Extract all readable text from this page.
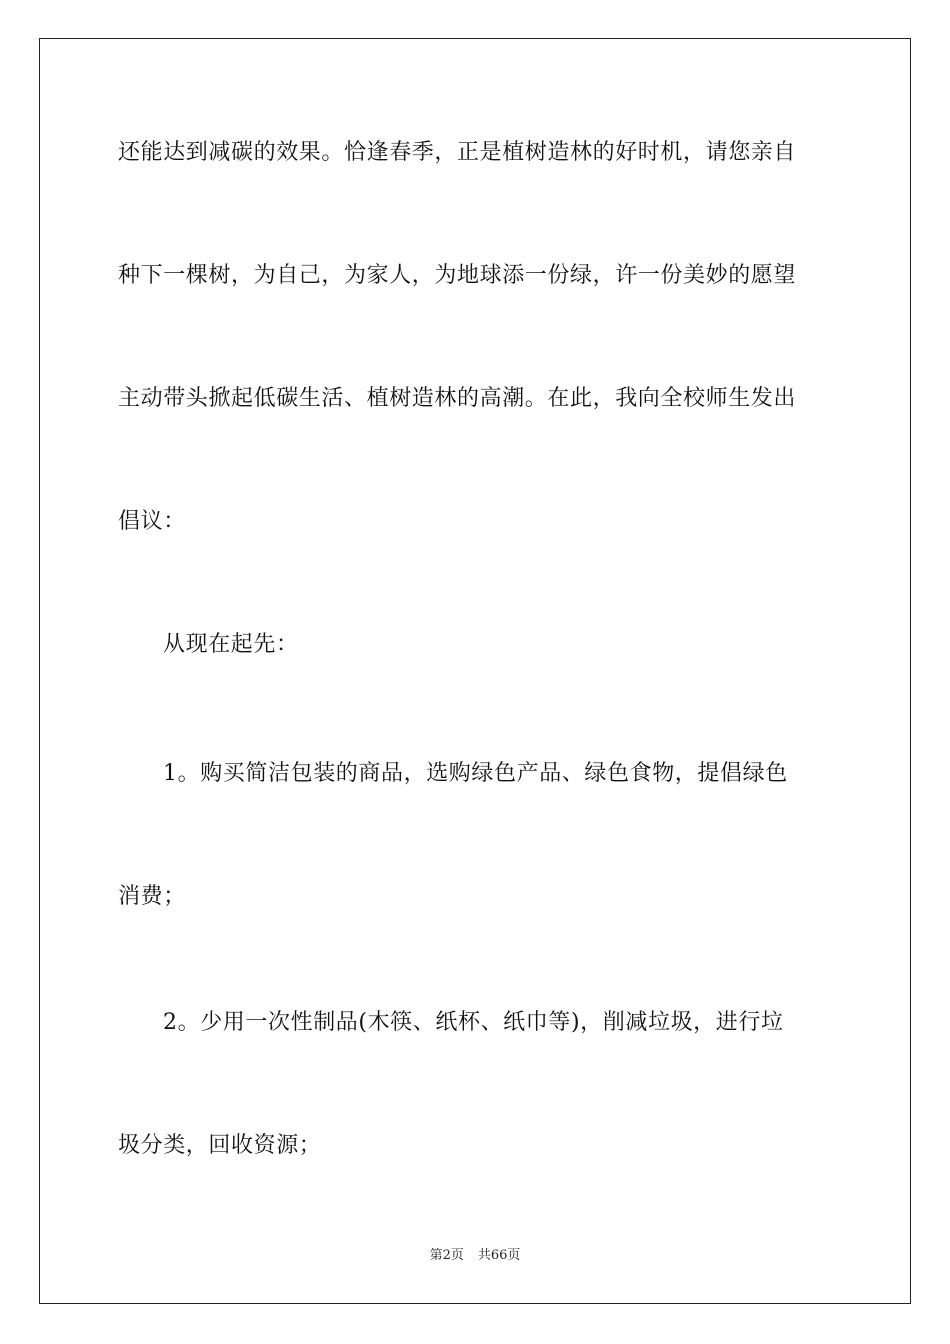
还能达到减碳的效果。恰逢春季，正是植树造林的好时机，请您亲自
种下一棵树，为自己，为家人，为地球添一份绿，许一份美妙的愿望
主动带头掀起低碳生活、植树造林的高潮。在此，我向全校师生发出
倡议：
从现在起先：
1。购买简洁包装的商品，选购绿色产品、绿色食物，提倡绿色
消费；
2。少用一次性制品(木筷、纸杯、纸巾等)，削减垃圾，进行垃
圾分类，回收资源；
第2页 共66页
